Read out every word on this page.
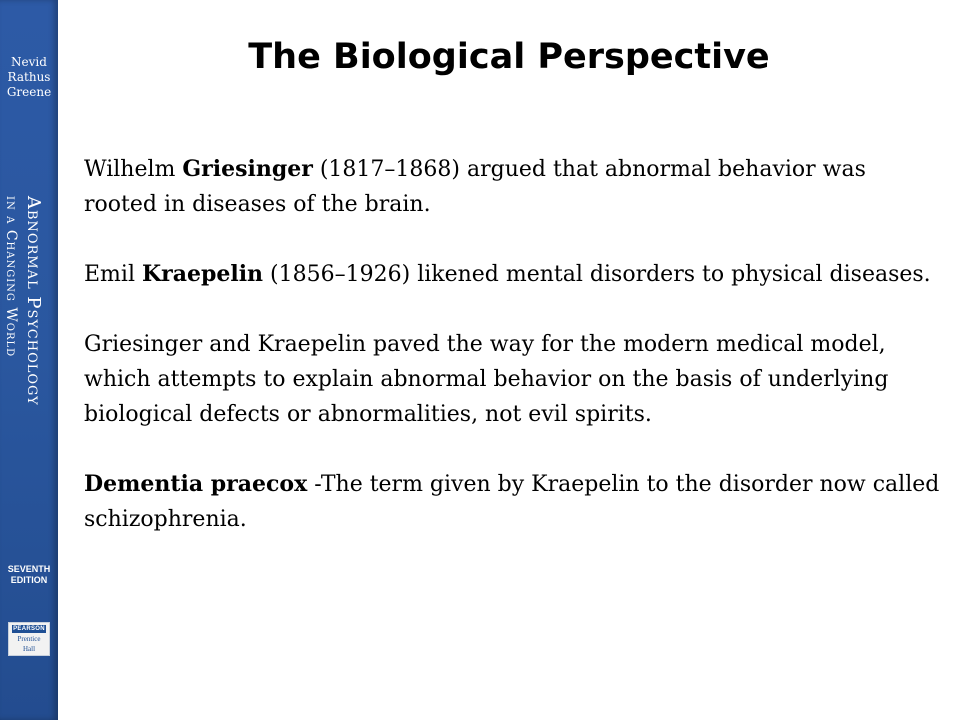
Nevid
Rathus
Greene
Abnormal Psychology
in a Changing World
SEVENTH
EDITION
PEARSON
Prentice
Hall
The Biological Perspective

Wilhelm Griesinger (1817–1868) argued that abnormal behavior was rooted in diseases of the brain.

Emil Kraepelin (1856–1926) likened mental disorders to physical diseases.

Griesinger and Kraepelin paved the way for the modern medical model, which attempts to explain abnormal behavior on the basis of underlying biological defects or abnormalities, not evil spirits.

Dementia praecox -The term given by Kraepelin to the disorder now called schizophrenia.
